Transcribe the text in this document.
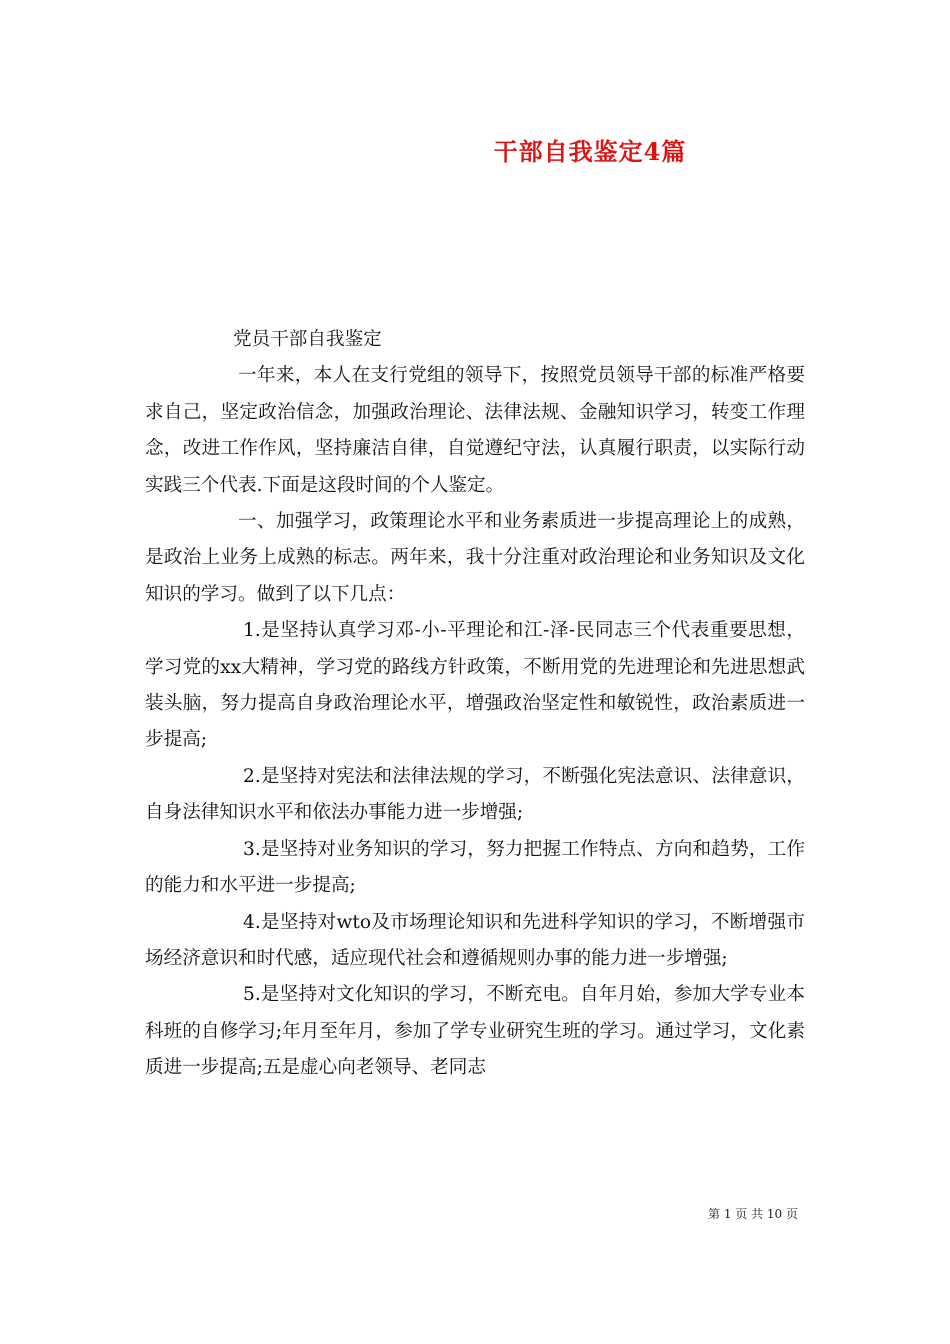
干部自我鉴定4篇

党员干部自我鉴定

一年来，本人在支行党组的领导下，按照党员领导干部的标准严格要求自己，坚定政治信念，加强政治理论、法律法规、金融知识学习，转变工作理念，改进工作作风，坚持廉洁自律，自觉遵纪守法，认真履行职责，以实际行动实践三个代表.下面是这段时间的个人鉴定。

一、加强学习，政策理论水平和业务素质进一步提高理论上的成熟，是政治上业务上成熟的标志。两年来，我十分注重对政治理论和业务知识及文化知识的学习。做到了以下几点：

1.是坚持认真学习邓-小-平理论和江-泽-民同志三个代表重要思想，学习党的xx大精神，学习党的路线方针政策，不断用党的先进理论和先进思想武装头脑，努力提高自身政治理论水平，增强政治坚定性和敏锐性，政治素质进一步提高;

2.是坚持对宪法和法律法规的学习，不断强化宪法意识、法律意识，自身法律知识水平和依法办事能力进一步增强;

3.是坚持对业务知识的学习，努力把握工作特点、方向和趋势，工作的能力和水平进一步提高;

4.是坚持对wto及市场理论知识和先进科学知识的学习，不断增强市场经济意识和时代感，适应现代社会和遵循规则办事的能力进一步增强;

5.是坚持对文化知识的学习，不断充电。自年月始，参加大学专业本科班的自修学习;年月至年月，参加了学专业研究生班的学习。通过学习，文化素质进一步提高;五是虚心向老领导、老同志

第 1 页 共 10 页
